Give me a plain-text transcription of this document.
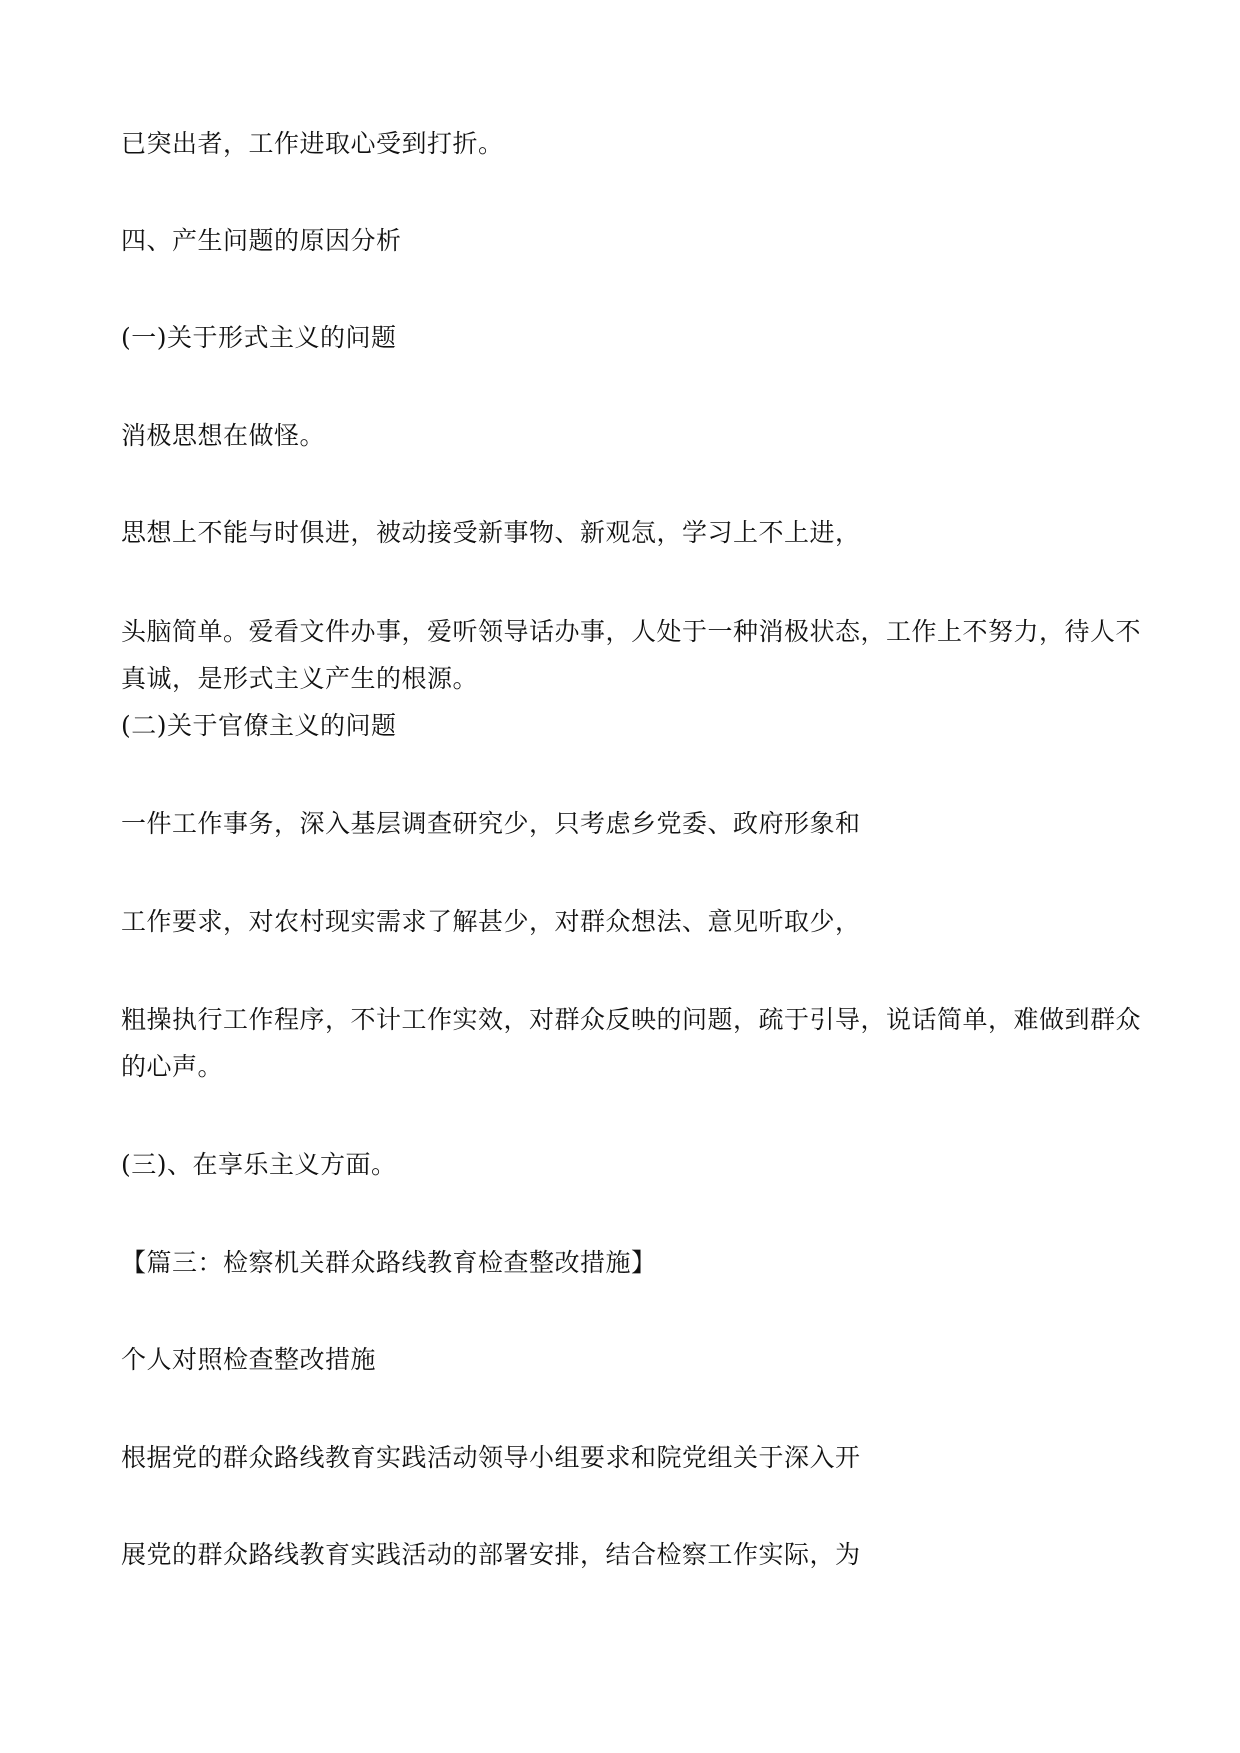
已突出者，工作进取心受到打折。

四、产生问题的原因分析

(一)关于形式主义的问题

消极思想在做怪。

思想上不能与时俱进，被动接受新事物、新观忥，学习上不上进，

头脑简单。爱看文件办事，爱听领导话办事，人处于一种消极状态，工作上不努力，待人不

真诚，是形式主义产生的根源。

(二)关于官僚主义的问题

一件工作事务，深入基层调查研究少，只考虑乡党委、政府形象和

工作要求，对农村现实需求了解甚少，对群众想法、意见听取少，

粗操执行工作程序，不计工作实效，对群众反映的问题，疏于引导，说话简单，难做到群众

的心声。

(三)、在享乐主义方面。

【篇三：检察机关群众路线教育检查整改措施】

个人对照检查整改措施

根据党的群众路线教育实践活动领导小组要求和院党组关于深入开

展党的群众路线教育实践活动的部署安排，结合检察工作实际，为
